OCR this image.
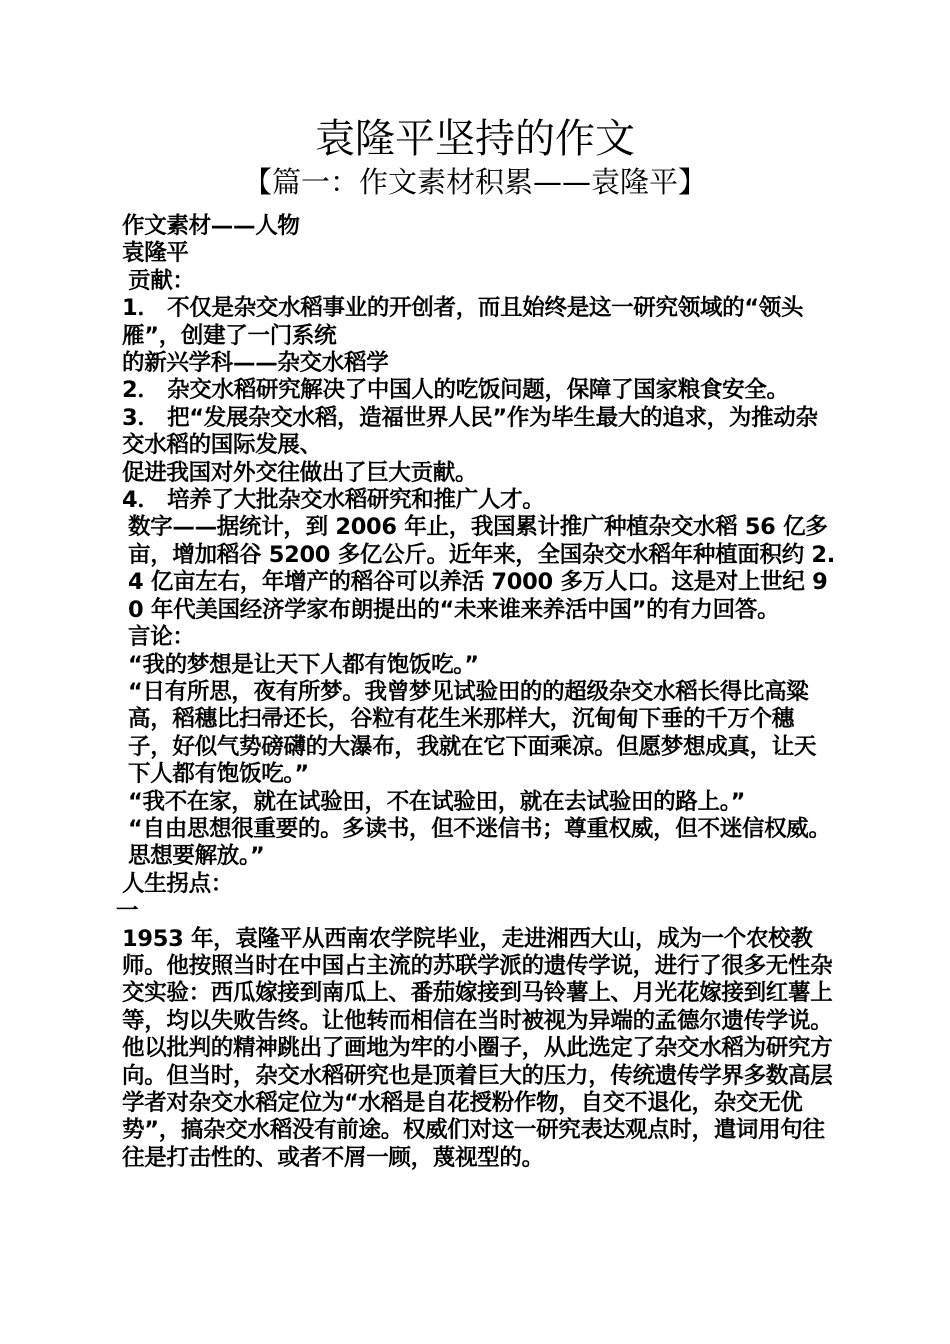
袁隆平坚持的作文
【篇一：作文素材积累——袁隆平】

作文素材——人物

袁隆平

贡献：

1． 不仅是杂交水稻事业的开创者，而且始终是这一研究领域的“领头雁”，创建了一门系统

的新兴学科——杂交水稻学

2． 杂交水稻研究解决了中国人的吃饭问题，保障了国家粮食安全。

3． 把“发展杂交水稻，造福世界人民”作为毕生最大的追求，为推动杂交水稻的国际发展、

促进我国对外交往做出了巨大贡献。

4． 培养了大批杂交水稻研究和推广人才。

数字——据统计，到 2006 年止，我国累计推广种植杂交水稻 56 亿多亩，增加稻谷 5200 多亿公斤。近年来，全国杂交水稻年种植面积约 2.4 亿亩左右，年增产的稻谷可以养活 7000 多万人口。这是对上世纪 90 年代美国经济学家布朗提出的“未来谁来养活中国”的有力回答。

言论：

“我的梦想是让天下人都有饱饭吃。”

“日有所思，夜有所梦。我曾梦见试验田的的超级杂交水稻长得比高粱高，稻穗比扫帚还长，谷粒有花生米那样大，沉甸甸下垂的千万个穗子，好似气势磅礴的大瀑布，我就在它下面乘凉。但愿梦想成真，让天下人都有饱饭吃。”

“我不在家，就在试验田，不在试验田，就在去试验田的路上。”

“自由思想很重要的。多读书，但不迷信书；尊重权威，但不迷信权威。思想要解放。”

人生拐点：

一

1953 年，袁隆平从西南农学院毕业，走进湘西大山，成为一个农校教师。他按照当时在中国占主流的苏联学派的遗传学说，进行了很多无性杂交实验：西瓜嫁接到南瓜上、番茄嫁接到马铃薯上、月光花嫁接到红薯上等，均以失败告终。让他转而相信在当时被视为异端的孟德尔遗传学说。他以批判的精神跳出了画地为牢的小圈子，从此选定了杂交水稻为研究方向。但当时，杂交水稻研究也是顶着巨大的压力，传统遗传学界多数高层学者对杂交水稻定位为“水稻是自花授粉作物，自交不退化，杂交无优势”，搞杂交水稻没有前途。权威们对这一研究表达观点时，遣词用句往往是打击性的、或者不屑一顾，蔑视型的。
